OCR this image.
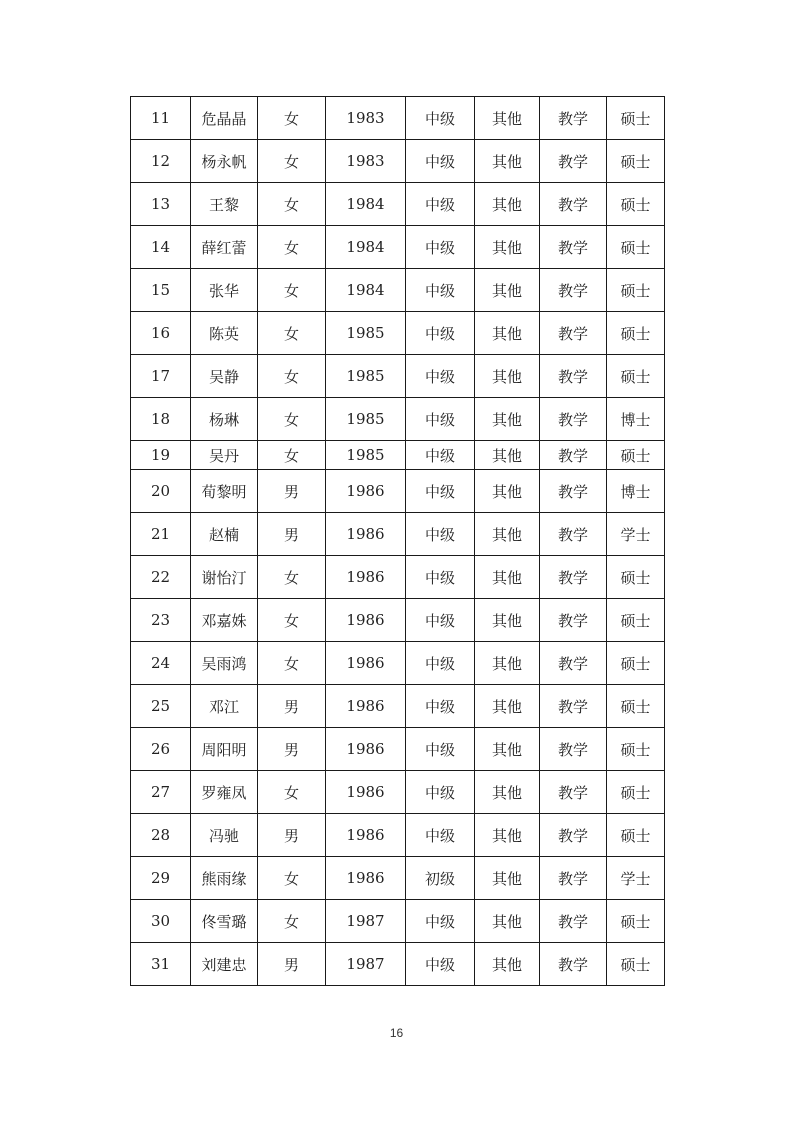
11	危晶晶	女	1983	中级	其他	教学	硕士
12	杨永帆	女	1983	中级	其他	教学	硕士
13	王黎	女	1984	中级	其他	教学	硕士
14	薛红蕾	女	1984	中级	其他	教学	硕士
15	张华	女	1984	中级	其他	教学	硕士
16	陈英	女	1985	中级	其他	教学	硕士
17	吴静	女	1985	中级	其他	教学	硕士
18	杨琳	女	1985	中级	其他	教学	博士
19	吴丹	女	1985	中级	其他	教学	硕士
20	荀黎明	男	1986	中级	其他	教学	博士
21	赵楠	男	1986	中级	其他	教学	学士
22	谢怡汀	女	1986	中级	其他	教学	硕士
23	邓嘉姝	女	1986	中级	其他	教学	硕士
24	吴雨鸿	女	1986	中级	其他	教学	硕士
25	邓江	男	1986	中级	其他	教学	硕士
26	周阳明	男	1986	中级	其他	教学	硕士
27	罗雍凤	女	1986	中级	其他	教学	硕士
28	冯驰	男	1986	中级	其他	教学	硕士
29	熊雨缘	女	1986	初级	其他	教学	学士
30	佟雪璐	女	1987	中级	其他	教学	硕士
31	刘建忠	男	1987	中级	其他	教学	硕士
16
